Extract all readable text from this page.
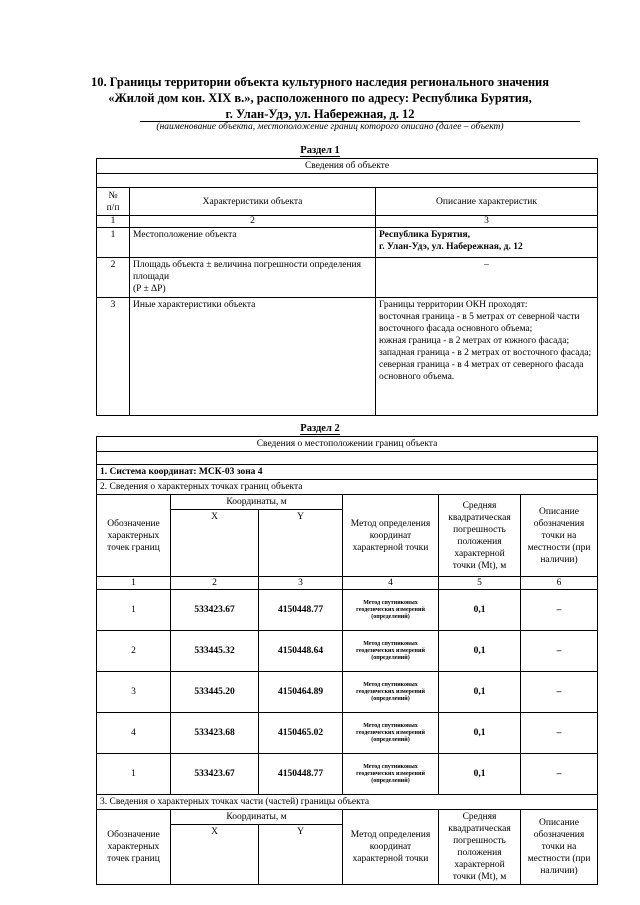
10. Границы территории объекта культурного наследия регионального значения
«Жилой дом кон. XIX в.», расположенного по адресу: Республика Бурятия,
г. Улан-Удэ, ул. Набережная, д. 12
(наименование объекта, местоположение границ которого описано (далее – объект)
Раздел 1
Сведения об объекте		

№
п/п	Характеристики объекта	Описание характеристик
1	2	3
1	Местоположение объекта	Республика Бурятия,
г. Улан-Удэ, ул. Набережная, д. 12
2	Площадь объекта ± величина погрешности определения площади
(P ± ΔP)	–
3	Иные характеристики объекта	Границы территории ОКН проходят:
восточная граница - в 5 метрах от северной части восточного фасада основного объема;
южная граница - в 2 метрах от южного фасада;
западная граница - в 2 метрах от восточного фасада;
северная граница - в 4 метрах от северного фасада основного объема.
Раздел 2
Сведения о местоположении границ объекта					

1. Система координат: МСК-03 зона 4					
2. Сведения о характерных точках границ объекта					
Обозначение характерных точек границ	Координаты, м		Метод определения координат характерной точки	Средняя квадратическая погрешность положения характерной точки (Mt), м	Описание обозначения точки на местности (при наличии)
	X	Y			
1	2	3	4	5	6
1	533423.67	4150448.77	Метод спутниковых геодезических измерений (определений)	0,1	–
2	533445.32	4150448.64	Метод спутниковых геодезических измерений (определений)	0,1	–
3	533445.20	4150464.89	Метод спутниковых геодезических измерений (определений)	0,1	–
4	533423.68	4150465.02	Метод спутниковых геодезических измерений (определений)	0,1	–
1	533423.67	4150448.77	Метод спутниковых геодезических измерений (определений)	0,1	–
3. Сведения о характерных точках части (частей) границы объекта					
Обозначение характерных точек границ	Координаты, м		Метод определения координат характерной точки	Средняя квадратическая погрешность положения характерной точки (Mt), м	Описание обозначения точки на местности (при наличии)
	X	Y			
